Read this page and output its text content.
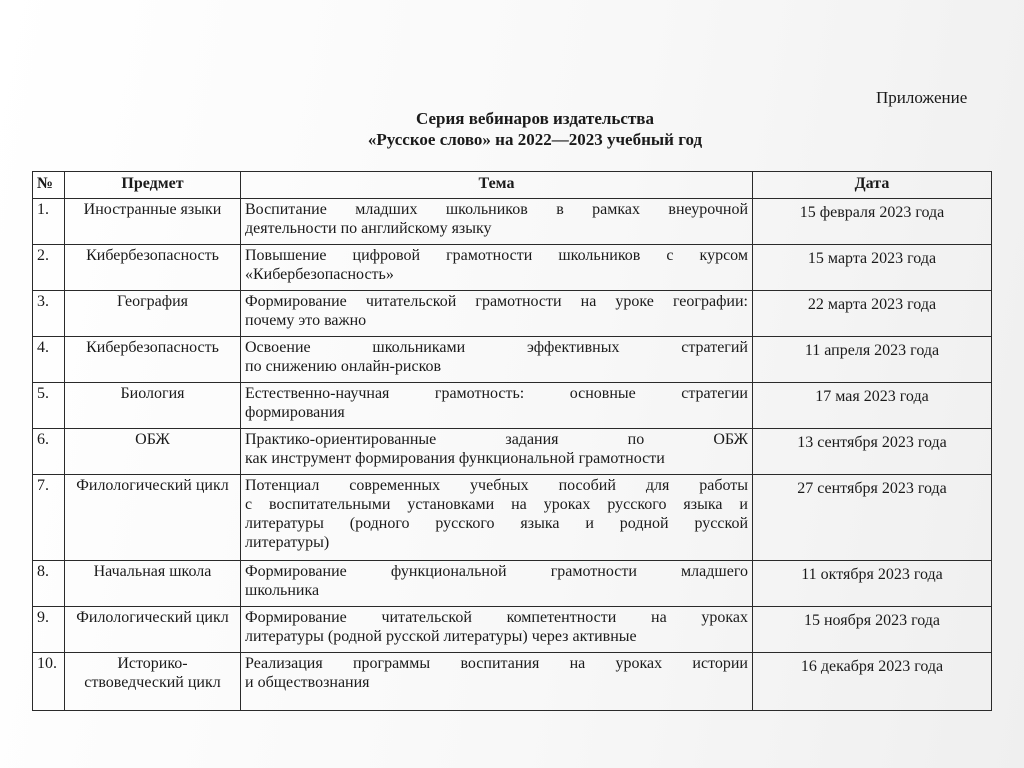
Приложение
Серия вебинаров издательства
«Русское слово» на 2022—2023 учебный год
№	Предмет	Тема	Дата
1.	Иностранные языки	Воспитание младших школьников в рамках внеурочной
деятельности по английскому языку	15 февраля 2023 года
2.	Кибербезопасность	Повышение цифровой грамотности школьников с курсом
«Кибербезопасность»	15 марта 2023 года
3.	География	Формирование читательской грамотности на уроке географии:
почему это важно	22 марта 2023 года
4.	Кибербезопасность	Освоение школьниками эффективных стратегий
по снижению онлайн-рисков	11 апреля 2023 года
5.	Биология	Естественно-научная грамотность: основные стратегии
формирования	17 мая 2023 года
6.	ОБЖ	Практико-ориентированные задания по ОБЖ
как инструмент формирования функциональной грамотности	13 сентября 2023 года
7.	Филологический цикл	Потенциал современных учебных пособий для работы
с воспитательными установками на уроках русского языка и
литературы (родного русского языка и родной русской
литературы)	27 сентября 2023 года
8.	Начальная школа	Формирование функциональной грамотности младшего
школьника	11 октября 2023 года
9.	Филологический цикл	Формирование читательской компетентности на уроках
литературы (родной русской литературы) через активные	15 ноября 2023 года
10.	Историко-
ствоведческий цикл	Реализация программы воспитания на уроках истории
и обществознания	16 декабря 2023 года
